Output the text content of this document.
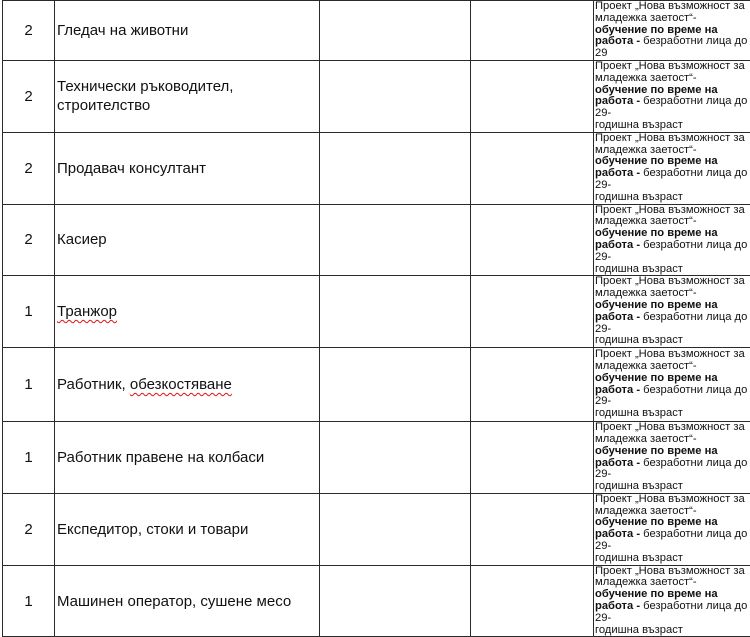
2	Гледач на животни			Проект „Нова възможност за младежка заетост“- обучение по време на работа - безработни лица до 29
2	Технически ръководител, строителство			Проект „Нова възможност за младежка заетост“- обучение по време на работа - безработни лица до 29-
годишна възраст
2	Продавач консултант			Проект „Нова възможност за младежка заетост“- обучение по време на работа - безработни лица до 29-
годишна възраст
2	Касиер			Проект „Нова възможност за младежка заетост“- обучение по време на работа - безработни лица до 29-
годишна възраст
1	Транжор			Проект „Нова възможност за младежка заетост“- обучение по време на работа - безработни лица до 29-
годишна възраст
1	Работник, обезкостяване			Проект „Нова възможност за младежка заетост“- обучение по време на работа - безработни лица до 29-
годишна възраст
1	Работник правене на колбаси			Проект „Нова възможност за младежка заетост“- обучение по време на работа - безработни лица до 29-
годишна възраст
2	Експедитор, стоки и товари			Проект „Нова възможност за младежка заетост“- обучение по време на работа - безработни лица до 29-
годишна възраст
1	Машинен оператор, сушене месо			Проект „Нова възможност за младежка заетост“- обучение по време на работа - безработни лица до 29-
годишна възраст
